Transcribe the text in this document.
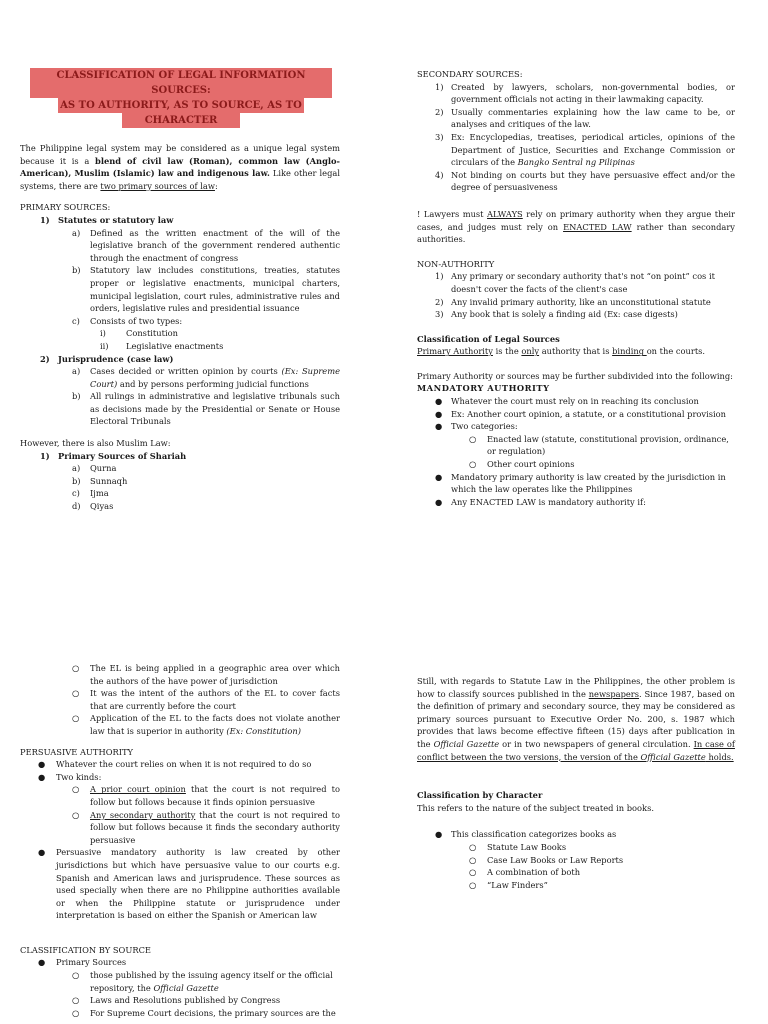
CLASSIFICATION OF LEGAL INFORMATION SOURCES:
AS TO AUTHORITY, AS TO SOURCE, AS TO
CHARACTER

The Philippine legal system may be considered as a unique legal system because it is a blend of civil law (Roman), common law (Anglo-American), Muslim (Islamic) law and indigenous law. Like other legal systems, there are two primary sources of law:

PRIMARY SOURCES:

1) Statutes or statutory law
a) Defined as the written enactment of the will of the legislative branch of the government rendered authentic through the enactment of congress
b) Statutory law includes constitutions, treaties, statutes proper or legislative enactments, municipal charters, municipal legislation, court rules, administrative rules and orders, legislative rules and presidential issuance
c) Consists of two types:
i) Constitution
ii) Legislative enactments
2) Jurisprudence (case law)
a) Cases decided or written opinion by courts (Ex: Supreme Court) and by persons performing judicial functions
b) All rulings in administrative and legislative tribunals such as decisions made by the Presidential or Senate or House Electoral Tribunals

However, there is also Muslim Law:

1) Primary Sources of Shariah
a) Qurna
b) Sunnaqh
c) Ijma
d) Qiyas

SECONDARY SOURCES:

1) Created by lawyers, scholars, non-governmental bodies, or government officials not acting in their lawmaking capacity.
2) Usually commentaries explaining how the law came to be, or analyses and critiques of the law.
3) Ex: Encyclopedias, treatises, periodical articles, opinions of the Department of Justice, Securities and Exchange Commission or circulars of the Bangko Sentral ng Pilipinas
4) Not binding on courts but they have persuasive effect and/or the degree of persuasiveness

! Lawyers must ALWAYS rely on primary authority when they argue their cases, and judges must rely on ENACTED LAW rather than secondary authorities.

NON-AUTHORITY

1) Any primary or secondary authority that's not “on point” cos it doesn't cover the facts of the client's case
2) Any invalid primary authority, like an unconstitutional statute
3) Any book that is solely a finding aid (Ex: case digests)

Classification of Legal Sources

Primary Authority is the only authority that is binding on the courts.

Primary Authority or sources may be further subdivided into the following:

MANDATORY AUTHORITY

● Whatever the court must rely on in reaching its conclusion
● Ex: Another court opinion, a statute, or a constitutional provision
● Two categories:
○ Enacted law (statute, constitutional provision, ordinance, or regulation)
○ Other court opinions
● Mandatory primary authority is law created by the jurisdiction in which the law operates like the Philippines
● Any ENACTED LAW is mandatory authority if:
○ The EL is being applied in a geographic area over which the authors of the have power of jurisdiction
○ It was the intent of the authors of the EL to cover facts that are currently before the court
○ Application of the EL to the facts does not violate another law that is superior in authority (Ex: Constitution)

PERSUASIVE AUTHORITY

● Whatever the court relies on when it is not required to do so
● Two kinds:
○ A prior court opinion that the court is not required to follow but follows because it finds opinion persuasive
○ Any secondary authority that the court is not required to follow but follows because it finds the secondary authority persuasive
● Persuasive mandatory authority is law created by other jurisdictions but which have persuasive value to our courts e.g. Spanish and American laws and jurisprudence. These sources as used specially when there are no Philippine authorities available or when the Philippine statute or jurisprudence under interpretation is based on either the Spanish or American law

CLASSIFICATION BY SOURCE

● Primary Sources
○ those published by the issuing agency itself or the official repository, the Official Gazette
○ Laws and Resolutions published by Congress
○ For Supreme Court decisions, the primary sources are the

Still, with regards to Statute Law in the Philippines, the other problem is how to classify sources published in the newspapers. Since 1987, based on the definition of primary and secondary source, they may be considered as primary sources pursuant to Executive Order No. 200, s. 1987 which provides that laws become effective fifteen (15) days after publication in the Official Gazette or in two newspapers of general circulation. In case of conflict between the two versions, the version of the Official Gazette holds.

Classification by Character

This refers to the nature of the subject treated in books.

● This classification categorizes books as
○ Statute Law Books
○ Case Law Books or Law Reports
○ A combination of both
○ “Law Finders”
